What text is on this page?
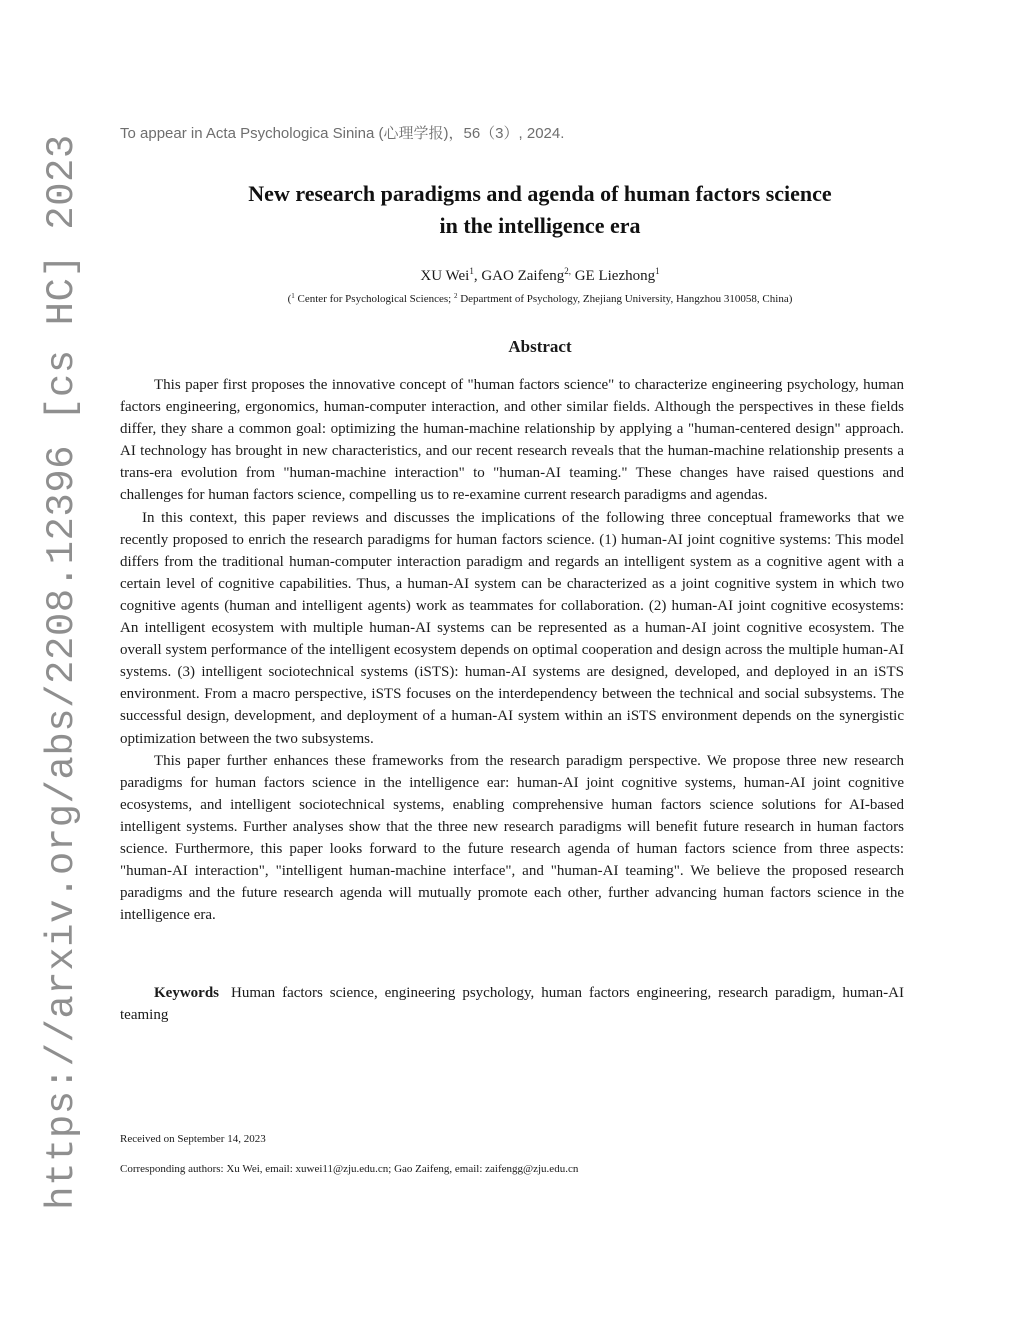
https://arxiv.org/abs/2208.12396 [cs HC] 2023
To appear in Acta Psychologica Sinina (心理学报)，56（3）, 2024.
New research paradigms and agenda of human factors science
in the intelligence era
XU Wei$^1$, GAO Zaifeng$^{2,}$ GE Liezhong$^1$
($^1$ Center for Psychological Sciences; $^2$ Department of Psychology, Zhejiang University, Hangzhou 310058, China)
Abstract

This paper first proposes the innovative concept of "human factors science" to characterize engineering psychology, human factors engineering, ergonomics, human-computer interaction, and other similar fields. Although the perspectives in these fields differ, they share a common goal: optimizing the human-machine relationship by applying a "human-centered design" approach. AI technology has brought in new characteristics, and our recent research reveals that the human-machine relationship presents a trans-era evolution from "human-machine interaction" to "human-AI teaming." These changes have raised questions and challenges for human factors science, compelling us to re-examine current research paradigms and agendas.

In this context, this paper reviews and discusses the implications of the following three conceptual frameworks that we recently proposed to enrich the research paradigms for human factors science. (1) human-AI joint cognitive systems: This model differs from the traditional human-computer interaction paradigm and regards an intelligent system as a cognitive agent with a certain level of cognitive capabilities. Thus, a human-AI system can be characterized as a joint cognitive system in which two cognitive agents (human and intelligent agents) work as teammates for collaboration. (2) human-AI joint cognitive ecosystems: An intelligent ecosystem with multiple human-AI systems can be represented as a human-AI joint cognitive ecosystem. The overall system performance of the intelligent ecosystem depends on optimal cooperation and design across the multiple human-AI systems. (3) intelligent sociotechnical systems (iSTS): human-AI systems are designed, developed, and deployed in an iSTS environment. From a macro perspective, iSTS focuses on the interdependency between the technical and social subsystems. The successful design, development, and deployment of a human-AI system within an iSTS environment depends on the synergistic optimization between the two subsystems.

This paper further enhances these frameworks from the research paradigm perspective. We propose three new research paradigms for human factors science in the intelligence ear: human-AI joint cognitive systems, human-AI joint cognitive ecosystems, and intelligent sociotechnical systems, enabling comprehensive human factors science solutions for AI-based intelligent systems. Further analyses show that the three new research paradigms will benefit future research in human factors science. Furthermore, this paper looks forward to the future research agenda of human factors science from three aspects: "human-AI interaction", "intelligent human-machine interface", and "human-AI teaming". We believe the proposed research paradigms and the future research agenda will mutually promote each other, further advancing human factors science in the intelligence era.

Keywords Human factors science, engineering psychology, human factors engineering, research paradigm, human-AI teaming

Received on September 14, 2023
Corresponding authors: Xu Wei, email: xuwei11@zju.edu.cn; Gao Zaifeng, email: zaifengg@zju.edu.cn
